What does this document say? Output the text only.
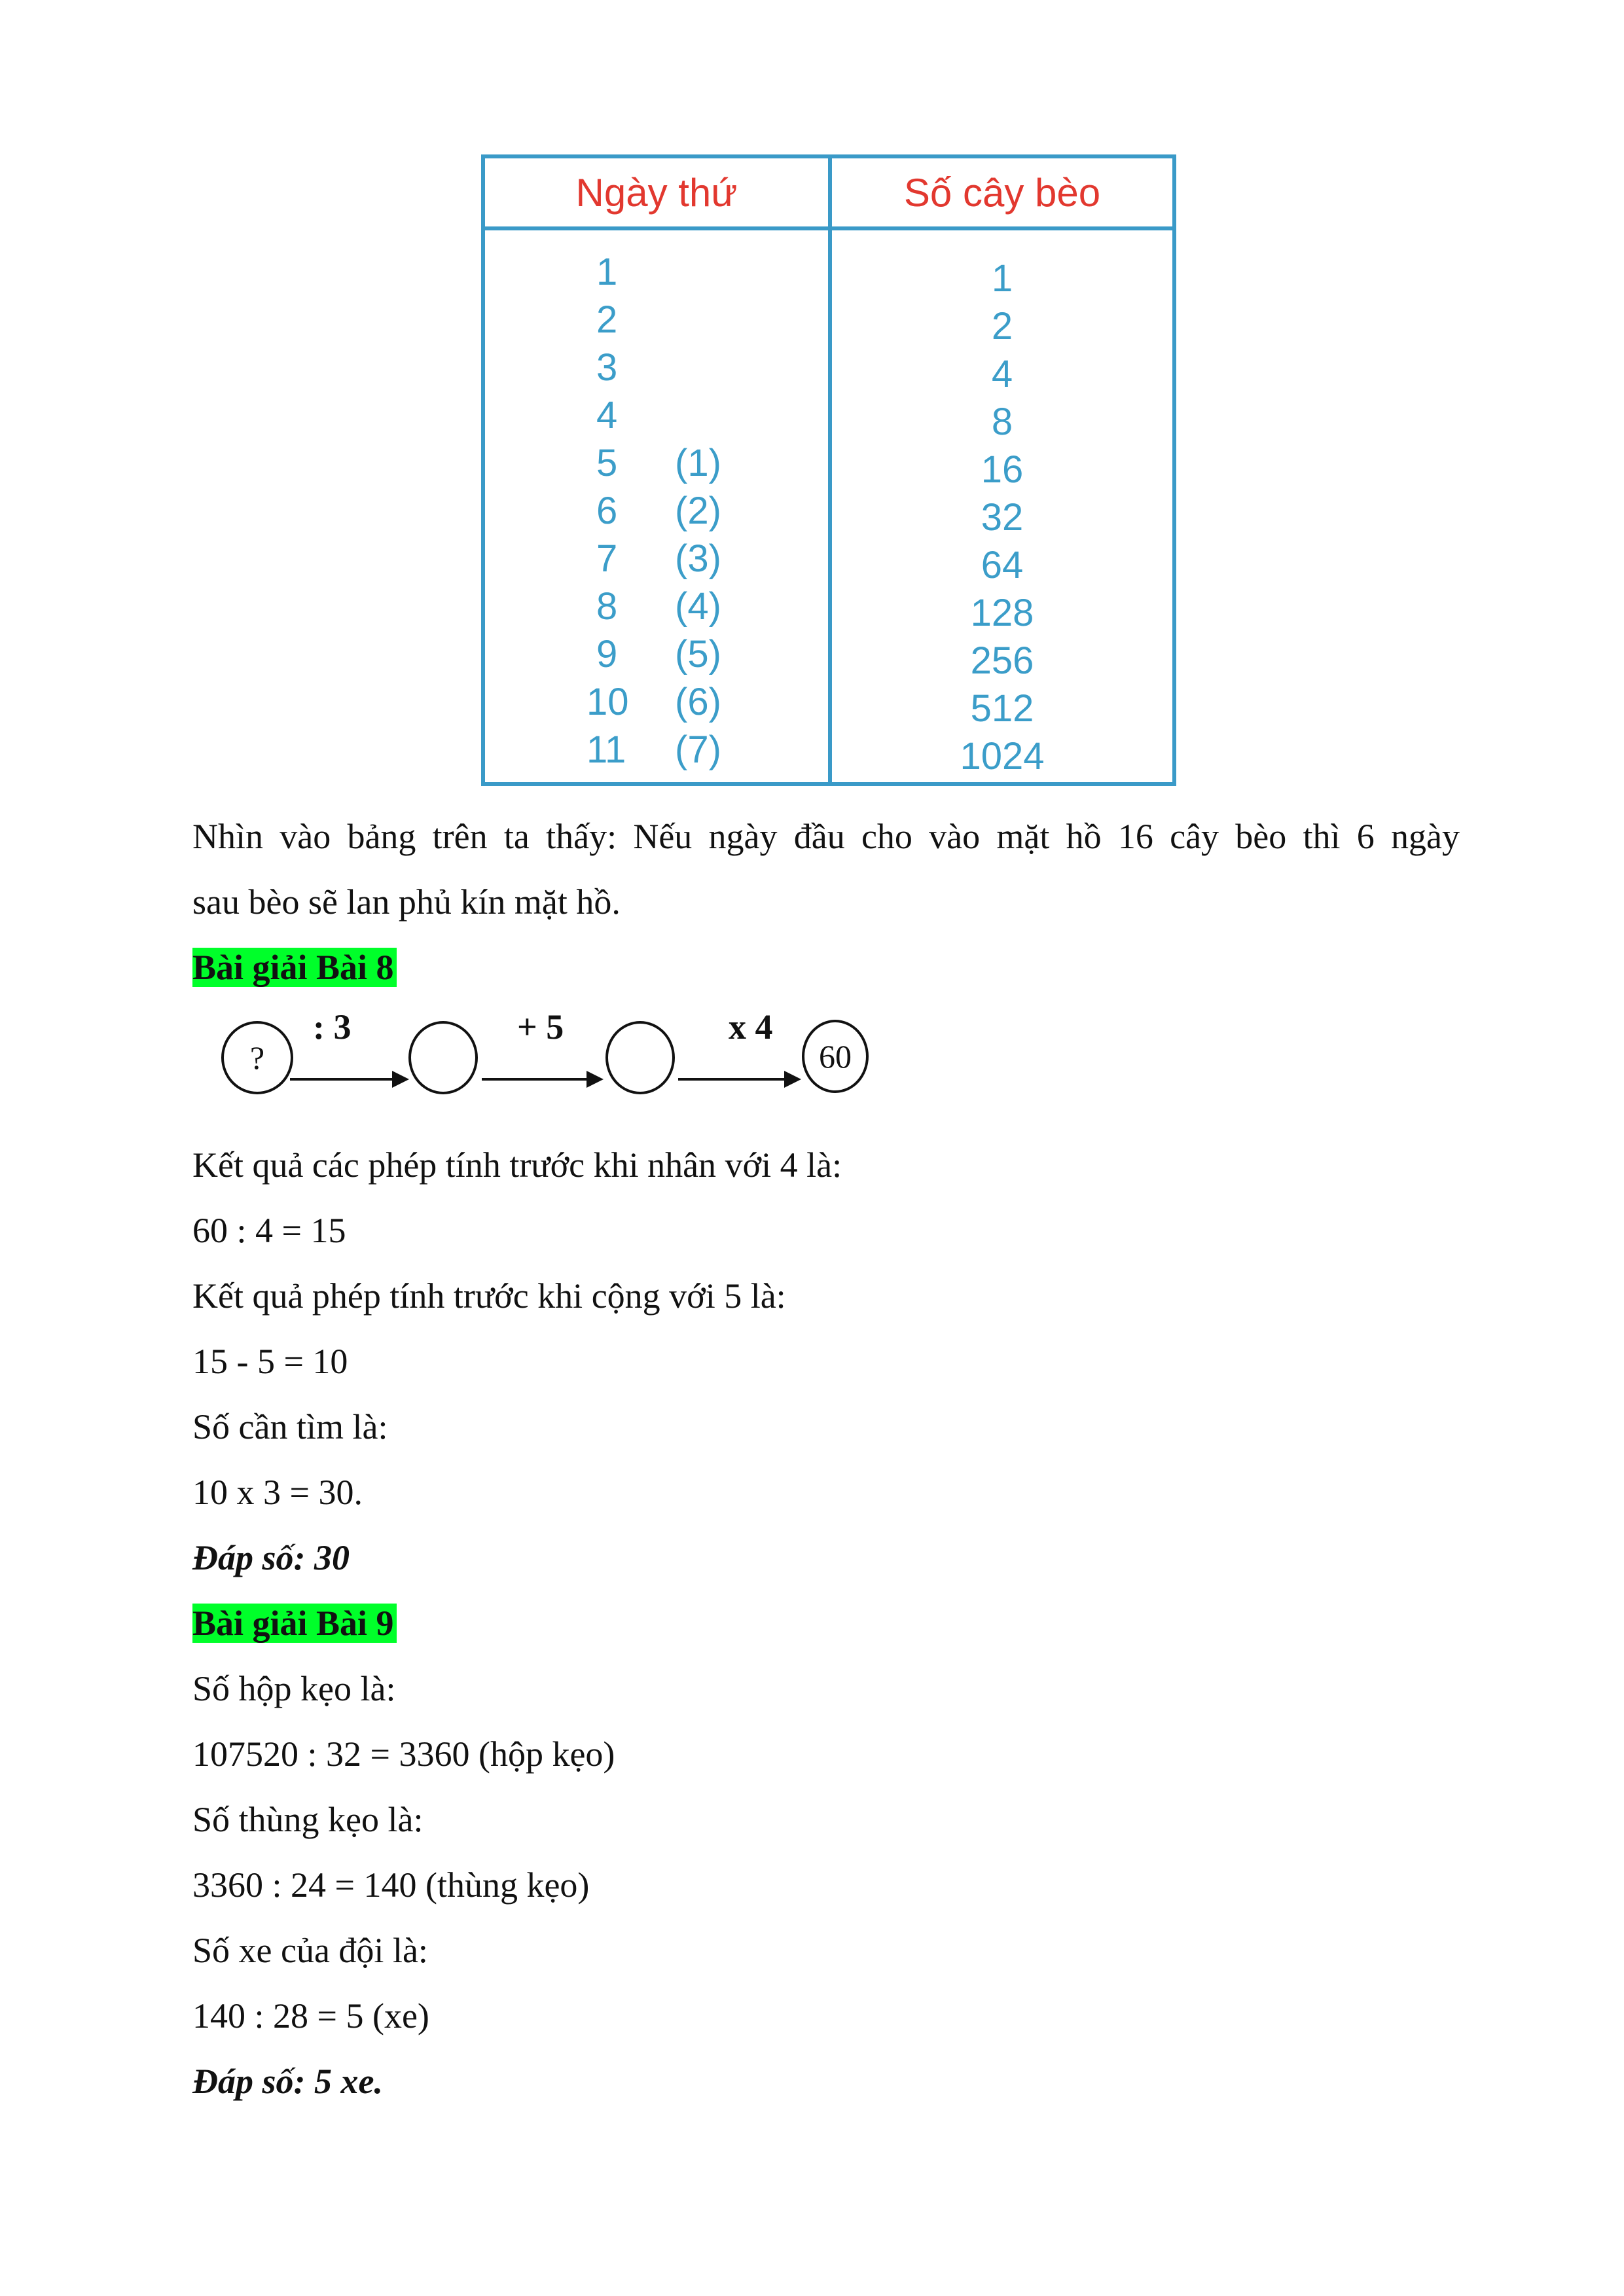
Ngày thứ
1
2
3
4
5
6
7
8
9
10
11
(1)
(2)
(3)
(4)
(5)
(6)
(7)
Số cây bèo
1
2
4
8
16
32
64
128
256
512
1024
Nhìn vào bảng trên ta thấy: Nếu ngày đầu cho vào mặt hồ 16 cây bèo thì 6 ngày
sau bèo sẽ lan phủ kín mặt hồ.
Bài giải Bài 8
?
: 3	+ 5	x 4
60
Kết quả các phép tính trước khi nhân với 4 là:
60 : 4 = 15
Kết quả phép tính trước khi cộng với 5 là:
15 - 5 = 10
Số cần tìm là:
10 x 3 = 30.
Đáp số: 30
Bài giải Bài 9
Số hộp kẹo là:
107520 : 32 = 3360 (hộp kẹo)
Số thùng kẹo là:
3360 : 24 = 140 (thùng kẹo)
Số xe của đội là:
140 : 28 = 5 (xe)
Đáp số: 5 xe.
